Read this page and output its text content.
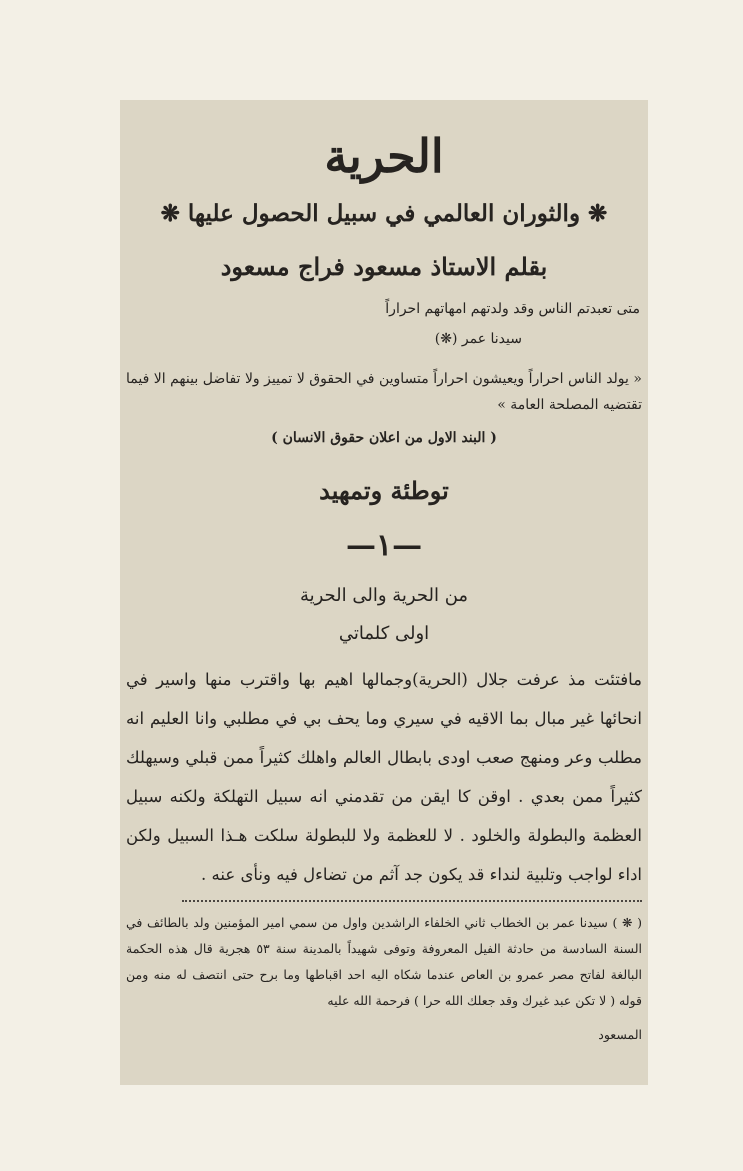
الحرية
❋ والثوران العالمي في سبيل الحصول عليها ❋
بقلم الاستاذ مسعود فراج مسعود
متى تعبدتم الناس وقد ولدتهم امهاتهم احراراً
سيدنا عمر (❋)
« يولد الناس احراراً ويعيشون احراراً متساوين في الحقوق لا تمييز ولا تفاضل بينهم الا فيما تقتضيه المصلحة العامة »
( البند الاول من اعلان حقوق الانسان )
توطئة وتمهيد
—١—
من الحرية والى الحرية
اولى كلماتي
مافتئت مذ عرفت جلال (الحرية)وجمالها اهيم بها واقترب منها واسير في انحائها غير مبال بما الاقيه في سيري وما يحف بي في مطلبي وانا العليم انه مطلب وعر ومنهج صعب اودى بابطال العالم واهلك كثيراً ممن قبلي وسيهلك كثيراً ممن بعدي . اوقن كا ايقن من تقدمني انه سبيل التهلكة ولكنه سبيل العظمة والبطولة والخلود . لا للعظمة ولا للبطولة سلكت هـذا السبيل ولكن اداء لواجب وتلبية لنداء قد يكون جد آثم من تضاءل فيه ونأى عنه .
( ❋ ) سيدنا عمر بن الخطاب ثاني الخلفاء الراشدين واول من سمي امير المؤمنين ولد بالطائف في السنة السادسة من حادثة الفيل المعروفة وتوفى شهيداً بالمدينة سنة ٥٣ هجرية قال هذه الحكمة البالغة لفاتح مصر عمرو بن العاص عندما شكاه اليه احد اقباطها وما برح حتى انتصف له منه ومن قوله ( لا تكن عبد غيرك وقد جعلك الله حرا ) فرحمة الله عليه
المسعود
